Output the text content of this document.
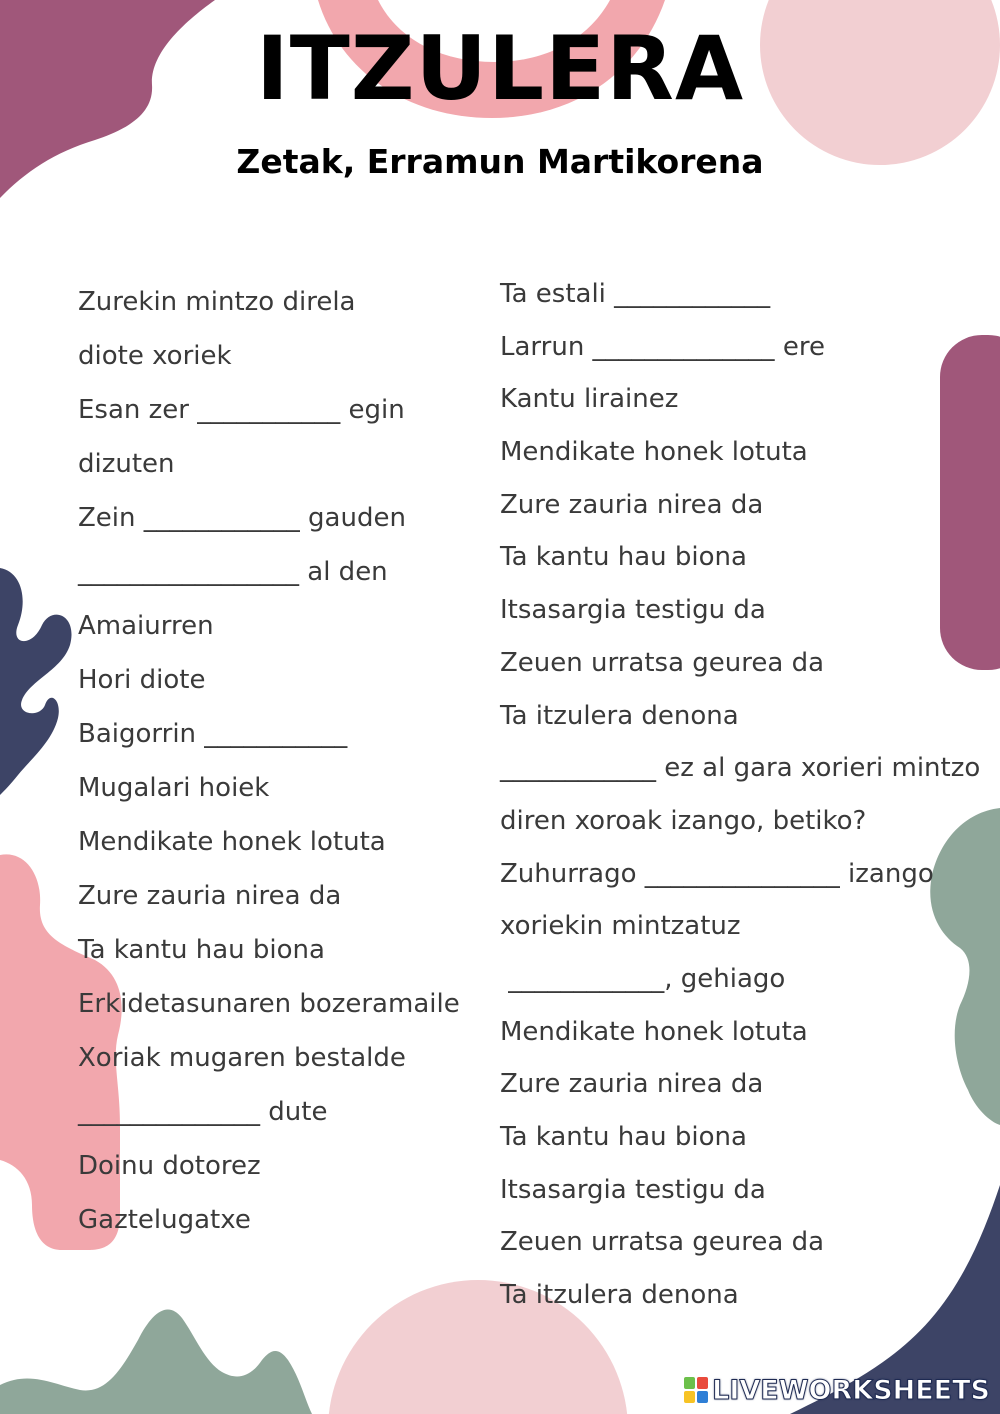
ITZULERA
Zetak, Erramun Martikorena
Zurekin mintzo direla
diote xoriek
Esan zer ___________ egin
dizuten
Zein ____________ gauden
_________________ al den
Amaiurren
Hori diote
Baigorrin ___________
Mugalari hoiek
Mendikate honek lotuta
Zure zauria nirea da
Ta kantu hau biona
Erkidetasunaren bozeramaile
Xoriak mugaren bestalde
______________ dute
Doinu dotorez
Gaztelugatxe
Ta estali ____________
Larrun ______________ ere
Kantu lirainez
Mendikate honek lotuta
Zure zauria nirea da
Ta kantu hau biona
Itsasargia testigu da
Zeuen urratsa geurea da
Ta itzulera denona
____________ ez al gara xorieri mintzo
diren xoroak izango, betiko?
Zuhurrago _______________ izango
xoriekin mintzatuz
____________, gehiago
Mendikate honek lotuta
Zure zauria nirea da
Ta kantu hau biona
Itsasargia testigu da
Zeuen urratsa geurea da
Ta itzulera denona
LIVEWORKSHEETS
